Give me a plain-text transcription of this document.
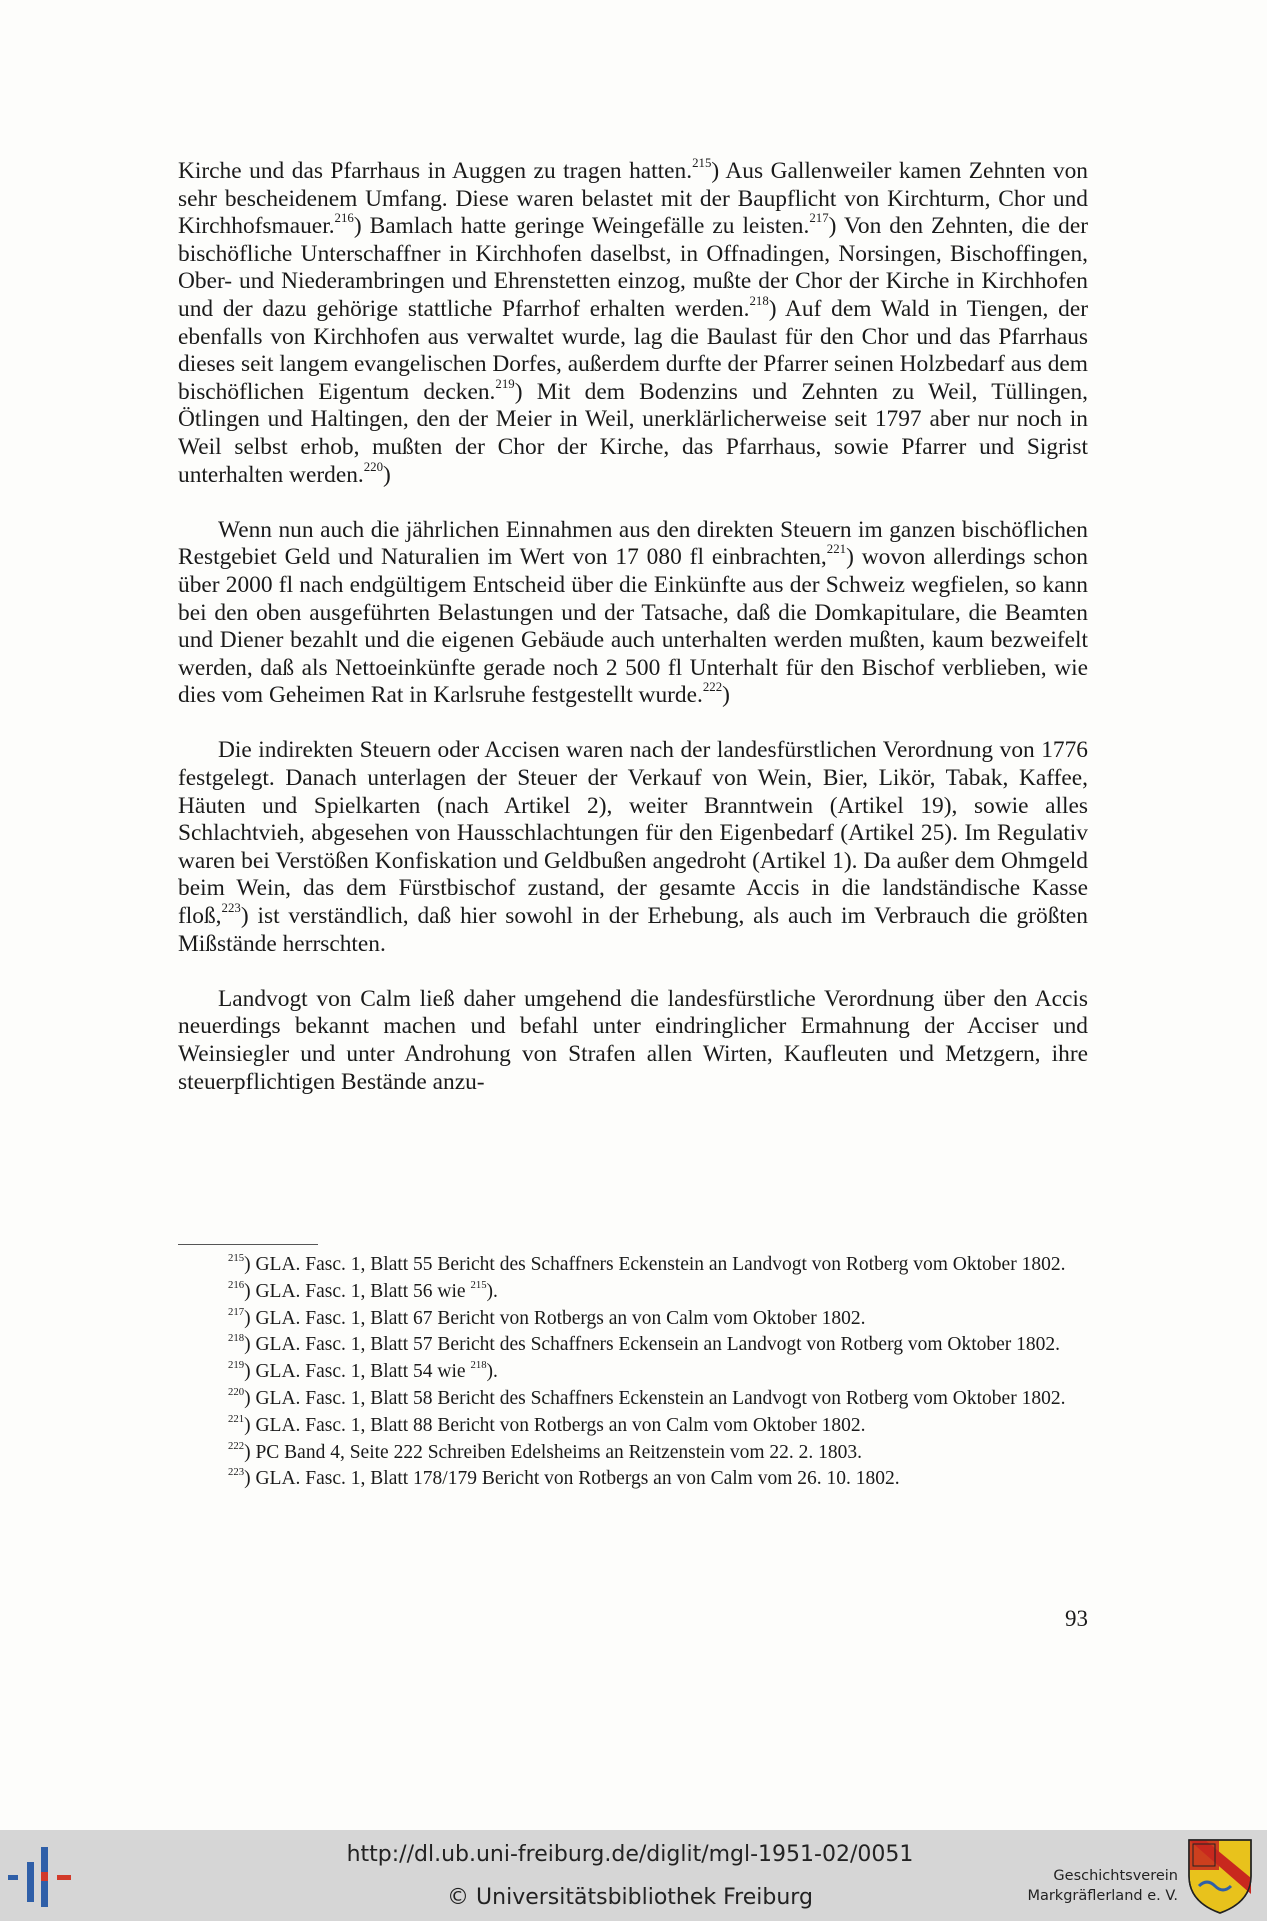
Kirche und das Pfarrhaus in Auggen zu tragen hatten.$^{215}$) Aus Gallenweiler kamen Zehnten von sehr bescheidenem Umfang. Diese waren belastet mit der Baupflicht von Kirchturm, Chor und Kirchhofsmauer.$^{216}$) Bamlach hatte geringe Weingefälle zu leisten.$^{217}$) Von den Zehnten, die der bischöfliche Unterschaffner in Kirchhofen daselbst, in Offnadingen, Norsingen, Bischoffingen, Ober- und Niederambringen und Ehrenstetten einzog, mußte der Chor der Kirche in Kirchhofen und der dazu gehörige stattliche Pfarrhof erhalten werden.$^{218}$) Auf dem Wald in Tiengen, der ebenfalls von Kirchhofen aus verwaltet wurde, lag die Baulast für den Chor und das Pfarrhaus dieses seit langem evangelischen Dorfes, außerdem durfte der Pfarrer seinen Holzbedarf aus dem bischöflichen Eigentum decken.$^{219}$) Mit dem Bodenzins und Zehnten zu Weil, Tüllingen, Ötlingen und Haltingen, den der Meier in Weil, unerklärlicherweise seit 1797 aber nur noch in Weil selbst erhob, mußten der Chor der Kirche, das Pfarrhaus, sowie Pfarrer und Sigrist unterhalten werden.$^{220}$)

Wenn nun auch die jährlichen Einnahmen aus den direkten Steuern im ganzen bischöflichen Restgebiet Geld und Naturalien im Wert von 17 080 fl einbrachten,$^{221}$) wovon allerdings schon über 2000 fl nach endgültigem Entscheid über die Einkünfte aus der Schweiz wegfielen, so kann bei den oben ausgeführten Belastungen und der Tatsache, daß die Domkapitulare, die Beamten und Diener bezahlt und die eigenen Gebäude auch unterhalten werden mußten, kaum bezweifelt werden, daß als Nettoeinkünfte gerade noch 2 500 fl Unterhalt für den Bischof verblieben, wie dies vom Geheimen Rat in Karlsruhe festgestellt wurde.$^{222}$)

Die indirekten Steuern oder Accisen waren nach der landesfürstlichen Verordnung von 1776 festgelegt. Danach unterlagen der Steuer der Verkauf von Wein, Bier, Likör, Tabak, Kaffee, Häuten und Spielkarten (nach Artikel 2), weiter Branntwein (Artikel 19), sowie alles Schlachtvieh, abgesehen von Hausschlachtungen für den Eigenbedarf (Artikel 25). Im Regulativ waren bei Verstößen Konfiskation und Geldbußen angedroht (Artikel 1). Da außer dem Ohmgeld beim Wein, das dem Fürstbischof zustand, der gesamte Accis in die landständische Kasse floß,$^{223}$) ist verständlich, daß hier sowohl in der Erhebung, als auch im Verbrauch die größten Mißstände herrschten.

Landvogt von Calm ließ daher umgehend die landesfürstliche Verordnung über den Accis neuerdings bekannt machen und befahl unter eindringlicher Ermahnung der Acciser und Weinsiegler und unter Androhung von Strafen allen Wirten, Kaufleuten und Metzgern, ihre steuerpflichtigen Bestände anzu-

$^{215}$) GLA. Fasc. 1, Blatt 55 Bericht des Schaffners Eckenstein an Landvogt von Rotberg vom Oktober 1802.

$^{216}$) GLA. Fasc. 1, Blatt 56 wie $^{215}$).

$^{217}$) GLA. Fasc. 1, Blatt 67 Bericht von Rotbergs an von Calm vom Oktober 1802.

$^{218}$) GLA. Fasc. 1, Blatt 57 Bericht des Schaffners Eckensein an Landvogt von Rotberg vom Oktober 1802.

$^{219}$) GLA. Fasc. 1, Blatt 54 wie $^{218}$).

$^{220}$) GLA. Fasc. 1, Blatt 58 Bericht des Schaffners Eckenstein an Landvogt von Rotberg vom Oktober 1802.

$^{221}$) GLA. Fasc. 1, Blatt 88 Bericht von Rotbergs an von Calm vom Oktober 1802.

$^{222}$) PC Band 4, Seite 222 Schreiben Edelsheims an Reitzenstein vom 22. 2. 1803.

$^{223}$) GLA. Fasc. 1, Blatt 178/179 Bericht von Rotbergs an von Calm vom 26. 10. 1802.

93
http://dl.ub.uni-freiburg.de/diglit/mgl-1951-02/0051
© Universitätsbibliothek Freiburg
Geschichtsverein
Markgräflerland e. V.
